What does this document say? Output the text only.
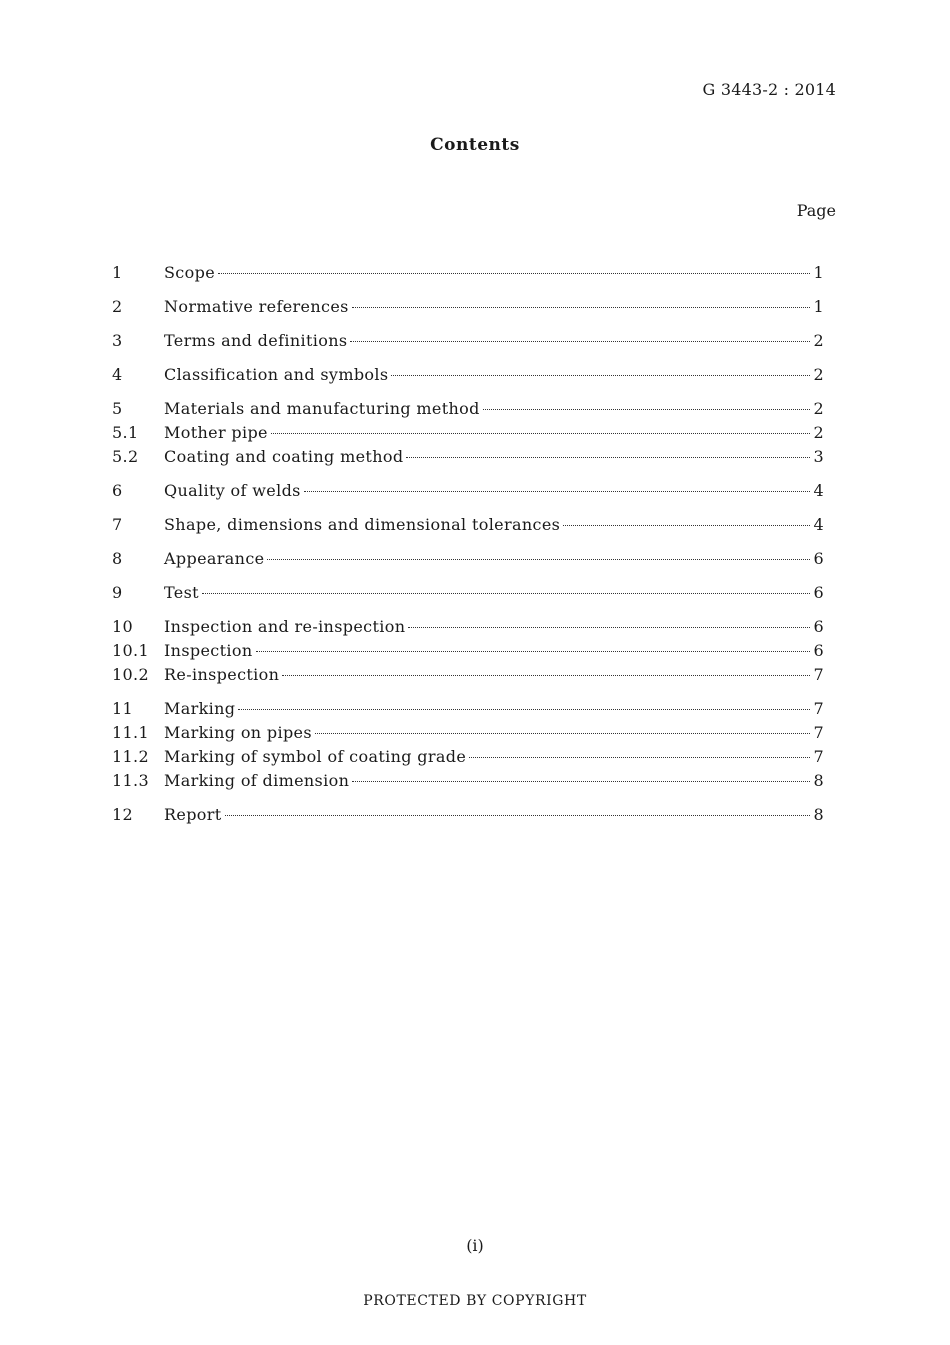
G 3443-2 : 2014
Contents
Page
1	Scope	1
2	Normative references	1
3	Terms and definitions	2
4	Classification and symbols	2
5	Materials and manufacturing method	2
5.1	Mother pipe	2
5.2	Coating and coating method	3
6	Quality of welds	4
7	Shape, dimensions and dimensional tolerances	4
8	Appearance	6
9	Test	6
10	Inspection and re-inspection	6
10.1 Inspection	6
10.2 Re-inspection	7
11	Marking	7
11.1 Marking on pipes	7
11.2 Marking of symbol of coating grade	7
11.3 Marking of dimension	8
12	Report	8
(i)
PROTECTED BY COPYRIGHT
